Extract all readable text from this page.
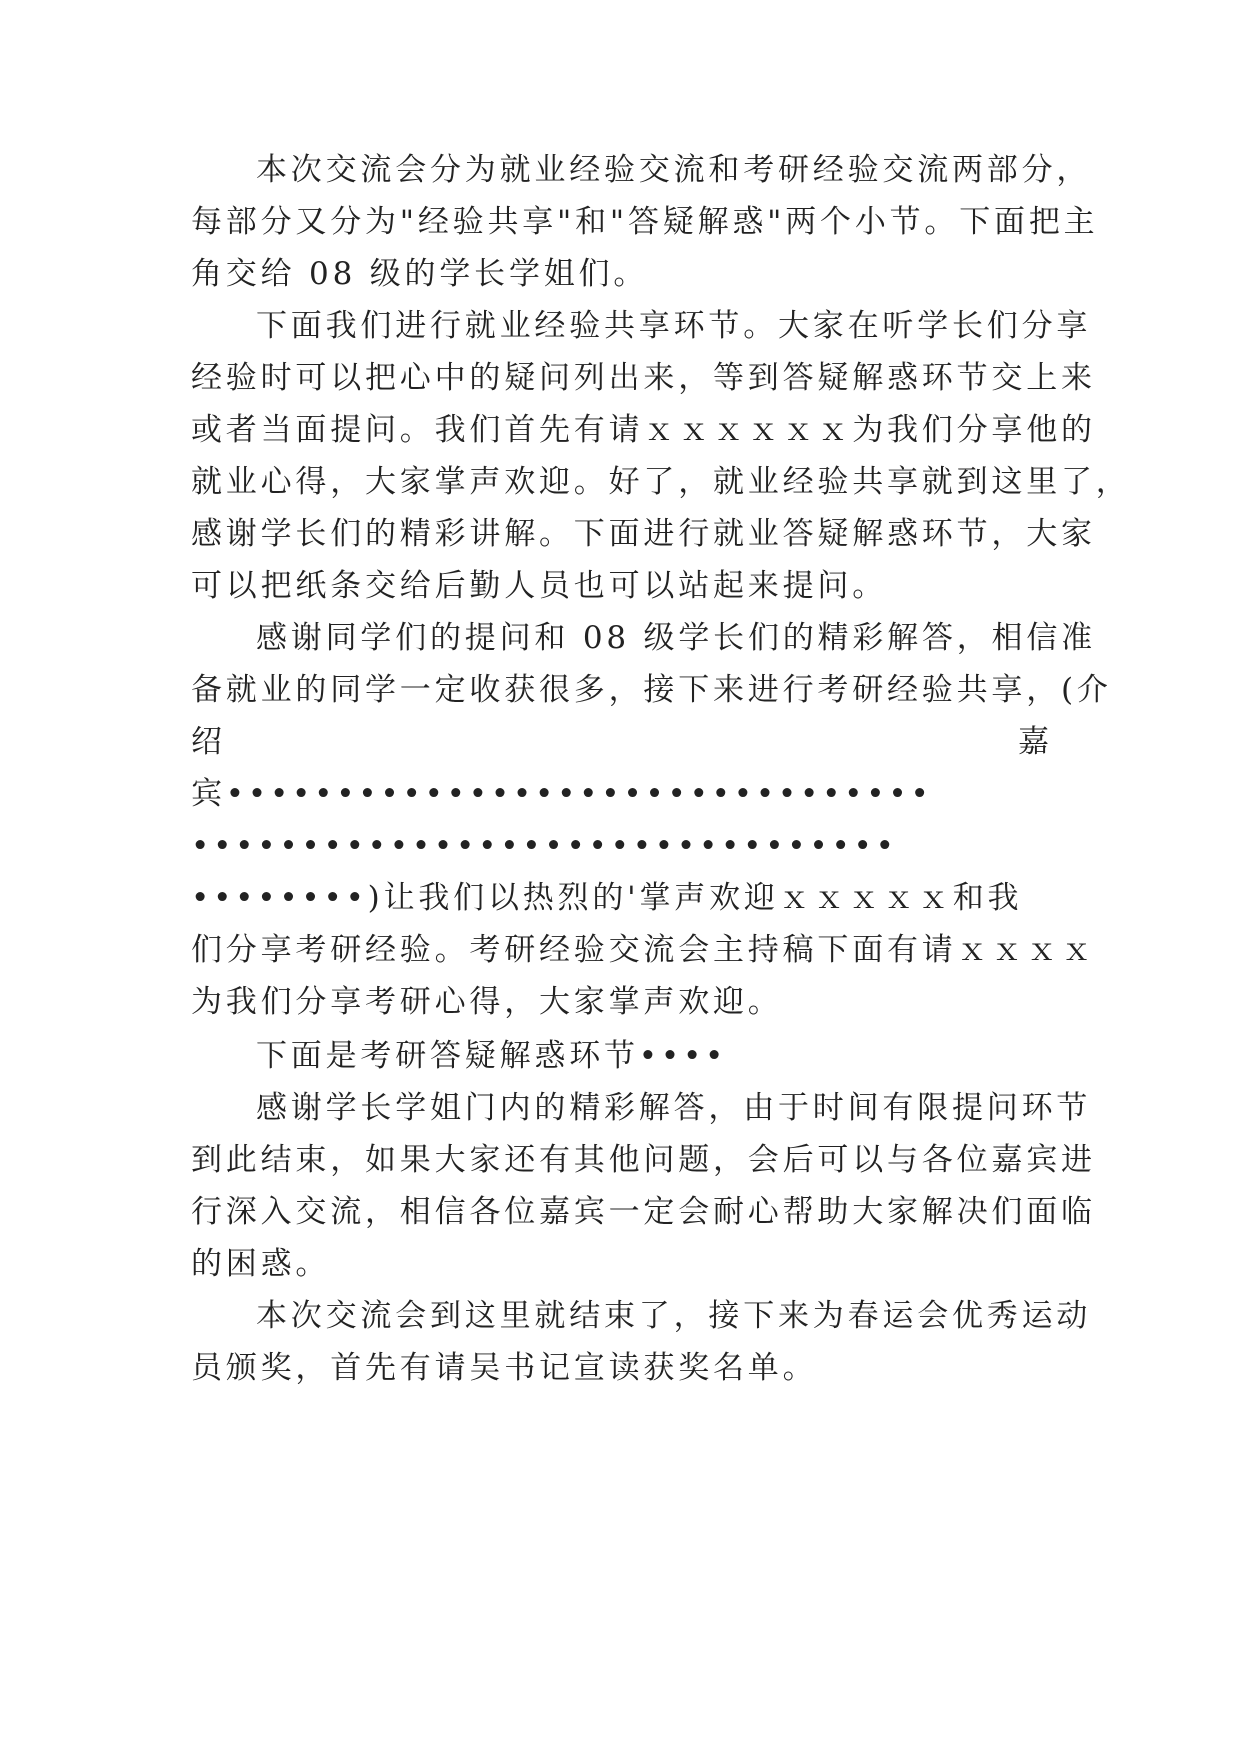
本次交流会分为就业经验交流和考研经验交流两部分，
每部分又分为"经验共享"和"答疑解惑"两个小节。下面把主
角交给 08 级的学长学姐们。
下面我们进行就业经验共享环节。大家在听学长们分享
经验时可以把心中的疑问列出来，等到答疑解惑环节交上来
或者当面提问。我们首先有请ｘｘｘｘｘｘ为我们分享他的
就业心得，大家掌声欢迎。好了，就业经验共享就到这里了，
感谢学长们的精彩讲解。下面进行就业答疑解惑环节，大家
可以把纸条交给后勤人员也可以站起来提问。
感谢同学们的提问和 08 级学长们的精彩解答，相信准
备就业的同学一定收获很多，接下来进行考研经验共享，(介
绍	嘉
宾••••••••••••••••••••••••••••••••
••••••••••••••••••••••••••••••••
••••••••)让我们以热烈的'掌声欢迎ｘｘｘｘｘ和我
们分享考研经验。考研经验交流会主持稿下面有请ｘｘｘｘ
为我们分享考研心得，大家掌声欢迎。
下面是考研答疑解惑环节••••
感谢学长学姐门内的精彩解答，由于时间有限提问环节
到此结束，如果大家还有其他问题，会后可以与各位嘉宾进
行深入交流，相信各位嘉宾一定会耐心帮助大家解决们面临
的困惑。
本次交流会到这里就结束了，接下来为春运会优秀运动
员颁奖，首先有请吴书记宣读获奖名单。
